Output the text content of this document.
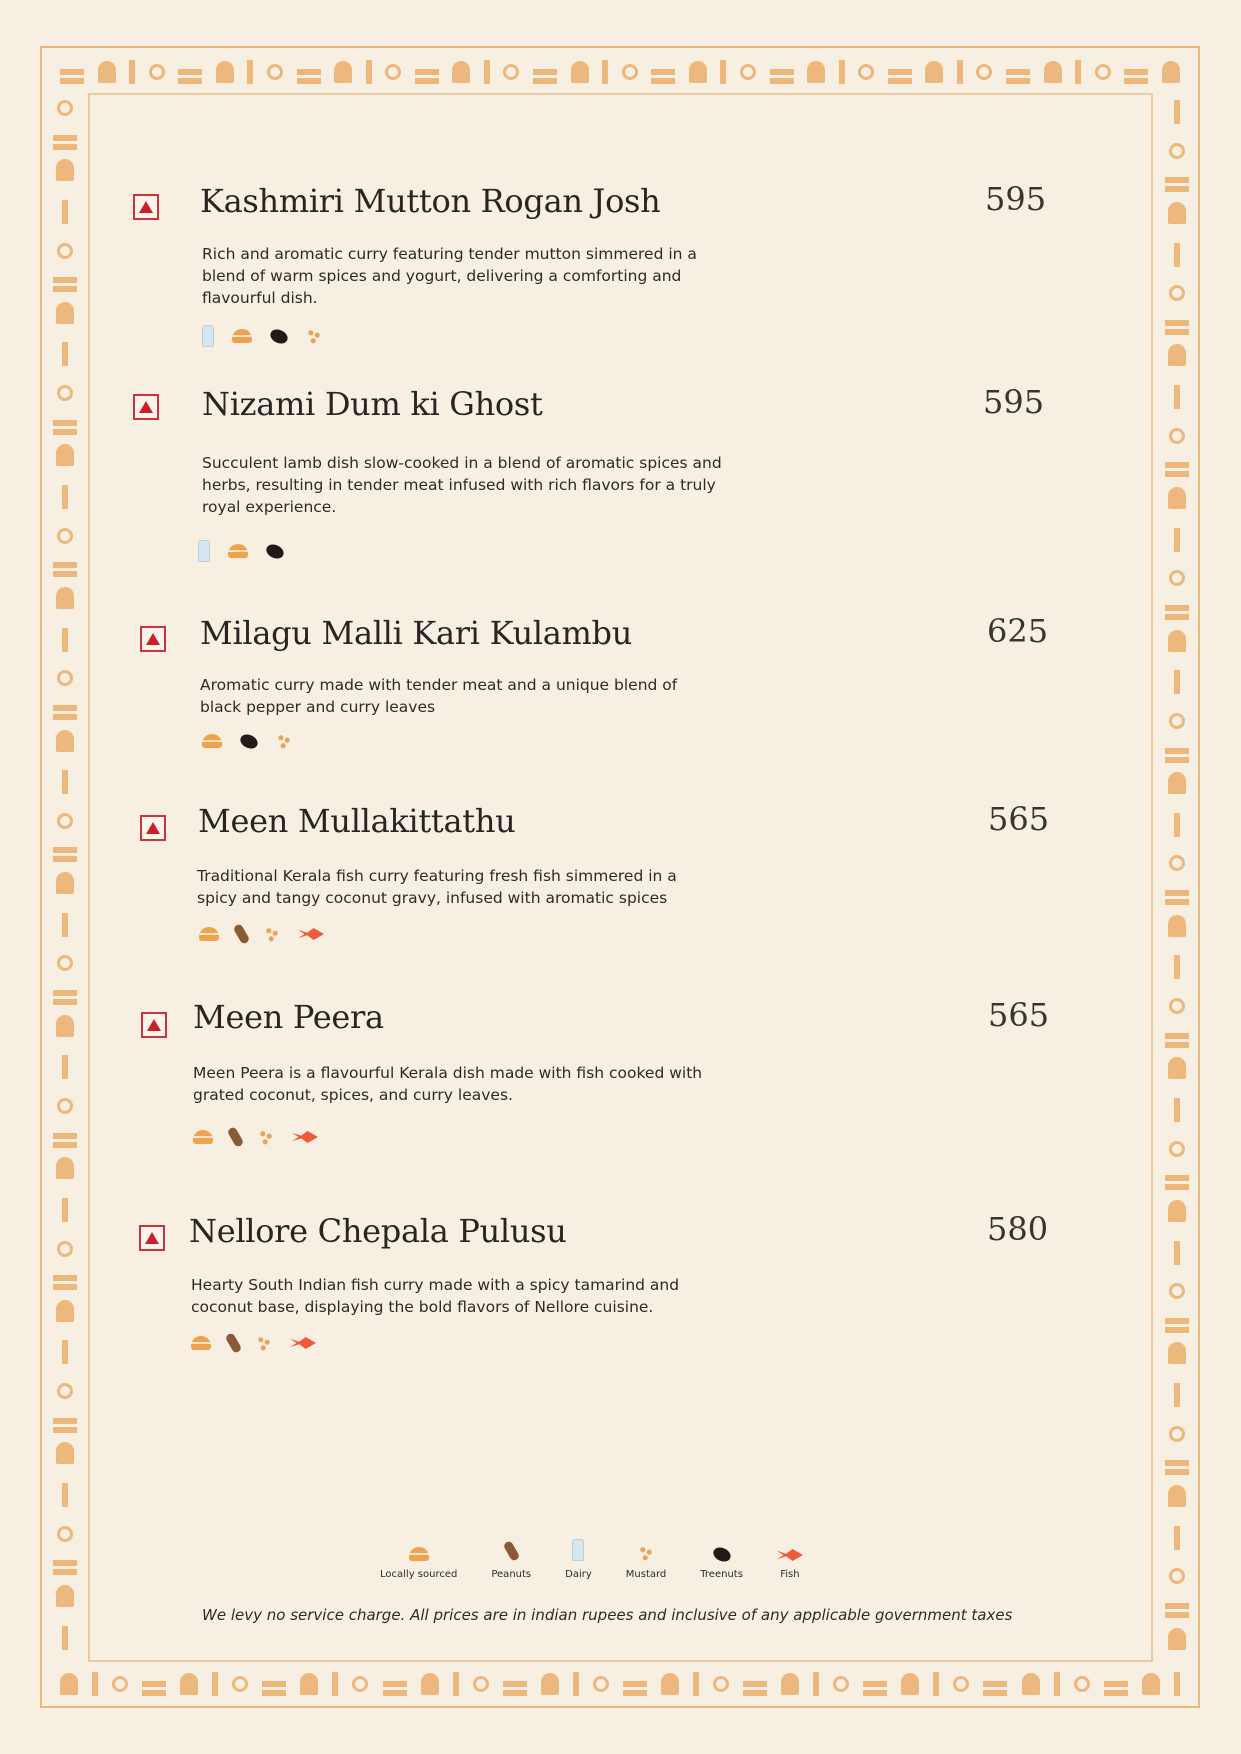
Kashmiri Mutton Rogan Josh	595
Rich and aromatic curry featuring tender mutton simmered in a blend of warm spices and yogurt, delivering a comforting and flavourful dish.
Nizami Dum ki Ghost	595
Succulent lamb dish slow-cooked in a blend of aromatic spices and herbs, resulting in tender meat infused with rich flavors for a truly royal experience.
Milagu Malli Kari Kulambu	625
Aromatic curry made with tender meat and a unique blend of black pepper and curry leaves
Meen Mullakittathu	565
Traditional Kerala fish curry featuring fresh fish simmered in a spicy and tangy coconut gravy, infused with aromatic spices
Meen Peera	565
Meen Peera is a flavourful Kerala dish made with fish cooked with grated coconut, spices, and curry leaves.
Nellore Chepala Pulusu	580
Hearty South Indian fish curry made with a spicy tamarind and coconut base, displaying the bold flavors of Nellore cuisine.
Locally sourced	Peanuts	Dairy	Mustard	Treenuts	Fish
We levy no service charge. All prices are in indian rupees and inclusive of any applicable government taxes
